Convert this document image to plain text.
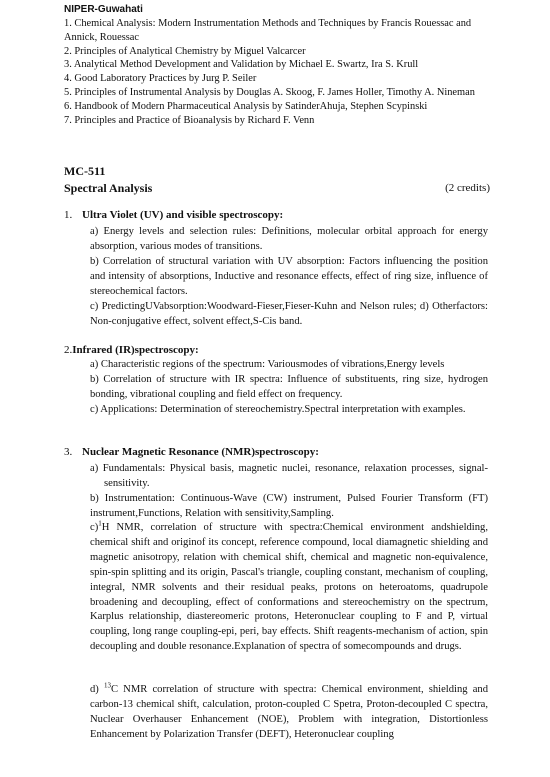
NIPER-Guwahati
1. Chemical Analysis: Modern Instrumentation Methods and Techniques by Francis Rouessac and
Annick, Rouessac
2. Principles of Analytical Chemistry by Miguel Valcarcer
3. Analytical Method Development and Validation by Michael E. Swartz, Ira S. Krull
4. Good Laboratory Practices by Jurg P. Seiler
5. Principles of Instrumental Analysis by Douglas A. Skoog, F. James Holler, Timothy A. Nineman
6. Handbook of Modern Pharmaceutical Analysis by SatinderAhuja, Stephen Scypinski
7. Principles and Practice of Bioanalysis by Richard F. Venn
MC-511
Spectral Analysis	(2 credits)
1. Ultra Violet (UV) and visible spectroscopy:
a) Energy levels and selection rules: Definitions, molecular orbital approach for energy absorption, various modes of transitions.
b) Correlation of structural variation with UV absorption: Factors influencing the position and intensity of absorptions, Inductive and resonance effects, effect of ring size, influence of stereochemical factors.
c) PredictingUVabsorption:Woodward-Fieser,Fieser-Kuhn and Nelson rules; d) Otherfactors: Non-conjugative effect, solvent effect,S-Cis band.
2.Infrared (IR)spectroscopy:
a) Characteristic regions of the spectrum: Variousmodes of vibrations,Energy levels
b) Correlation of structure with IR spectra: Influence of substituents, ring size, hydrogen bonding, vibrational coupling and field effect on frequency.
c) Applications: Determination of stereochemistry.Spectral interpretation with examples.
3. Nuclear Magnetic Resonance (NMR)spectroscopy:
a) Fundamentals: Physical basis, magnetic nuclei, resonance, relaxation processes, signal-sensitivity.
b) Instrumentation: Continuous-Wave (CW) instrument, Pulsed Fourier Transform (FT) instrument,Functions, Relation with sensitivity,Sampling.
c)$^1$H NMR, correlation of structure with spectra:Chemical environment andshielding, chemical shift and originof its concept, reference compound, local diamagnetic shielding and magnetic anisotropy, relation with chemical shift, chemical and magnetic non-equivalence, spin-spin splitting and its origin, Pascal's triangle, coupling constant, mechanism of coupling, integral, NMR solvents and their residual peaks, protons on heteroatoms, quadrupole broadening and decoupling, effect of conformations and stereochemistry on the spectrum, Karplus relationship, diastereomeric protons, Heteronuclear coupling to F and P, virtual coupling, long range coupling-epi, peri, bay effects. Shift reagents-mechanism of action, spin decoupling and double resonance.Explanation of spectra of somecompounds and drugs.
d) $^{13}$C NMR correlation of structure with spectra: Chemical environment, shielding and carbon-13 chemical shift, calculation, proton-coupled C Spetra, Proton-decoupled C spectra, Nuclear Overhauser Enhancement (NOE), Problem with integration, Distortionless Enhancement by Polarization Transfer (DEFT), Heteronuclear coupling
